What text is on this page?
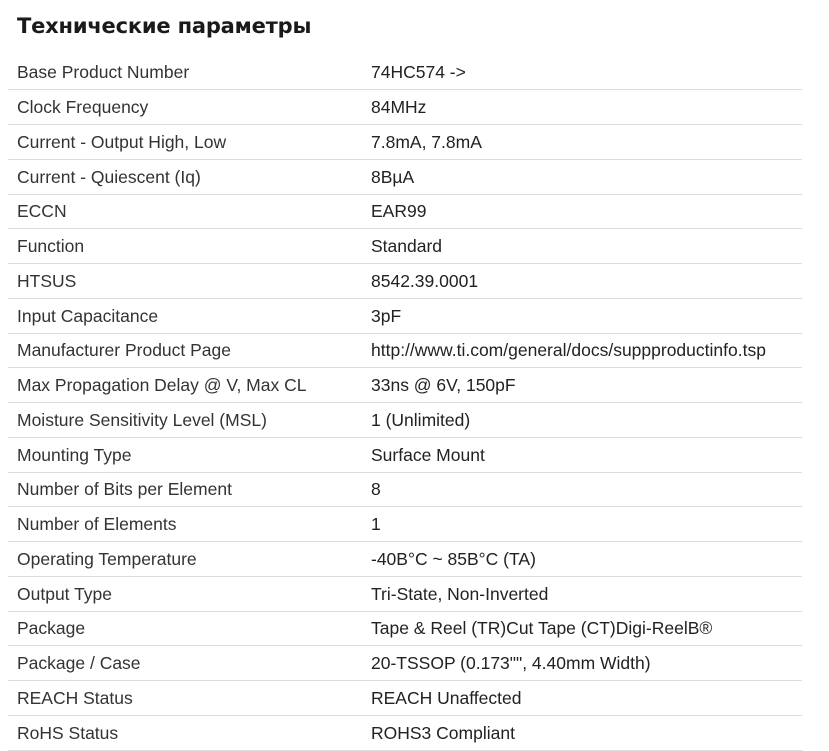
Технические параметры
Base Product Number	74HC574 ->
Clock Frequency	84MHz
Current - Output High, Low	7.8mA, 7.8mA
Current - Quiescent (Iq)	8BµA
ECCN	EAR99
Function	Standard
HTSUS	8542.39.0001
Input Capacitance	3pF
Manufacturer Product Page	http://www.ti.com/general/docs/suppproductinfo.tsp
Max Propagation Delay @ V, Max CL	33ns @ 6V, 150pF
Moisture Sensitivity Level (MSL)	1 (Unlimited)
Mounting Type	Surface Mount
Number of Bits per Element	8
Number of Elements	1
Operating Temperature	-40B°C ~ 85B°C (TA)
Output Type	Tri-State, Non-Inverted
Package	Tape & Reel (TR)Cut Tape (CT)Digi-ReelB®
Package / Case	20-TSSOP (0.173"", 4.40mm Width)
REACH Status	REACH Unaffected
RoHS Status	ROHS3 Compliant
